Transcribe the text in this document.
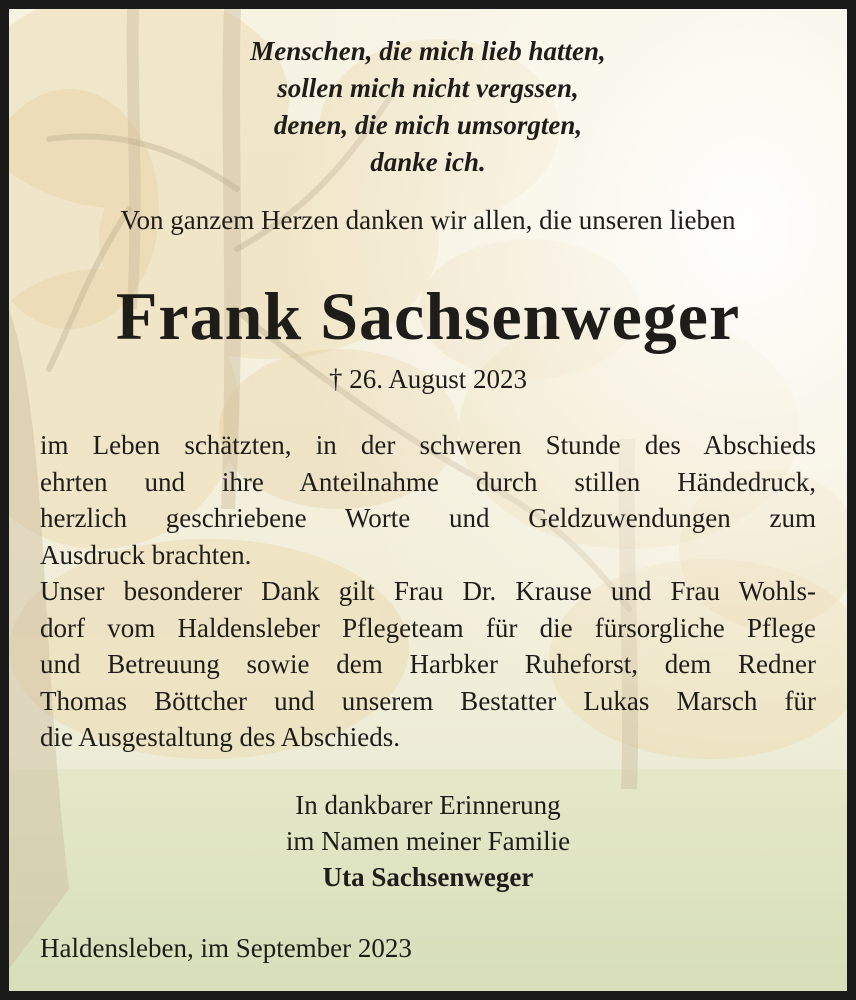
Menschen, die mich lieb hatten,
sollen mich nicht vergssen,
denen, die mich umsorgten,
danke ich.
Von ganzem Herzen danken wir allen, die unseren lieben
Frank Sachsenweger
† 26. August 2023
im Leben schätzten, in der schweren Stunde des Abschieds
ehrten und ihre Anteilnahme durch stillen Händedruck,
herzlich geschriebene Worte und Geldzuwendungen zum
Ausdruck brachten.
Unser besonderer Dank gilt Frau Dr. Krause und Frau Wohls-
dorf vom Haldensleber Pflegeteam für die fürsorgliche Pflege
und Betreuung sowie dem Harbker Ruheforst, dem Redner
Thomas Böttcher und unserem Bestatter Lukas Marsch für
die Ausgestaltung des Abschieds.
In dankbarer Erinnerung
im Namen meiner Familie
Uta Sachsenweger
Haldensleben, im September 2023
